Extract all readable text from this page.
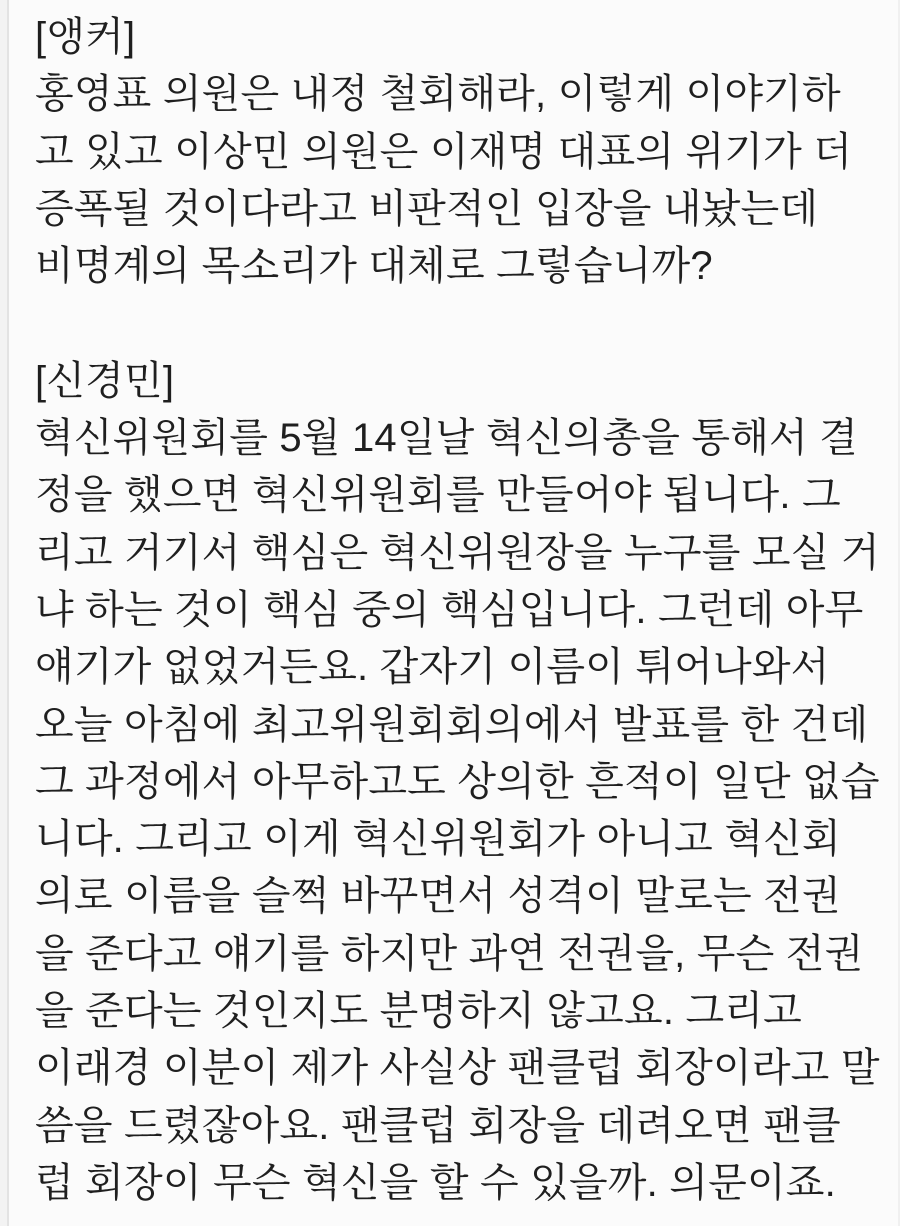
[앵커]
홍영표 의원은 내정 철회해라, 이렇게 이야기하
고 있고 이상민 의원은 이재명 대표의 위기가 더
증폭될 것이다라고 비판적인 입장을 내놨는데
비명계의 목소리가 대체로 그렇습니까?
[신경민]
혁신위원회를 5월 14일날 혁신의총을 통해서 결
정을 했으면 혁신위원회를 만들어야 됩니다. 그
리고 거기서 핵심은 혁신위원장을 누구를 모실 거
냐 하는 것이 핵심 중의 핵심입니다. 그런데 아무
얘기가 없었거든요. 갑자기 이름이 튀어나와서
오늘 아침에 최고위원회회의에서 발표를 한 건데
그 과정에서 아무하고도 상의한 흔적이 일단 없습
니다. 그리고 이게 혁신위원회가 아니고 혁신회
의로 이름을 슬쩍 바꾸면서 성격이 말로는 전권
을 준다고 얘기를 하지만 과연 전권을, 무슨 전권
을 준다는 것인지도 분명하지 않고요. 그리고
이래경 이분이 제가 사실상 팬클럽 회장이라고 말
씀을 드렸잖아요. 팬클럽 회장을 데려오면 팬클
럽 회장이 무슨 혁신을 할 수 있을까. 의문이죠.
